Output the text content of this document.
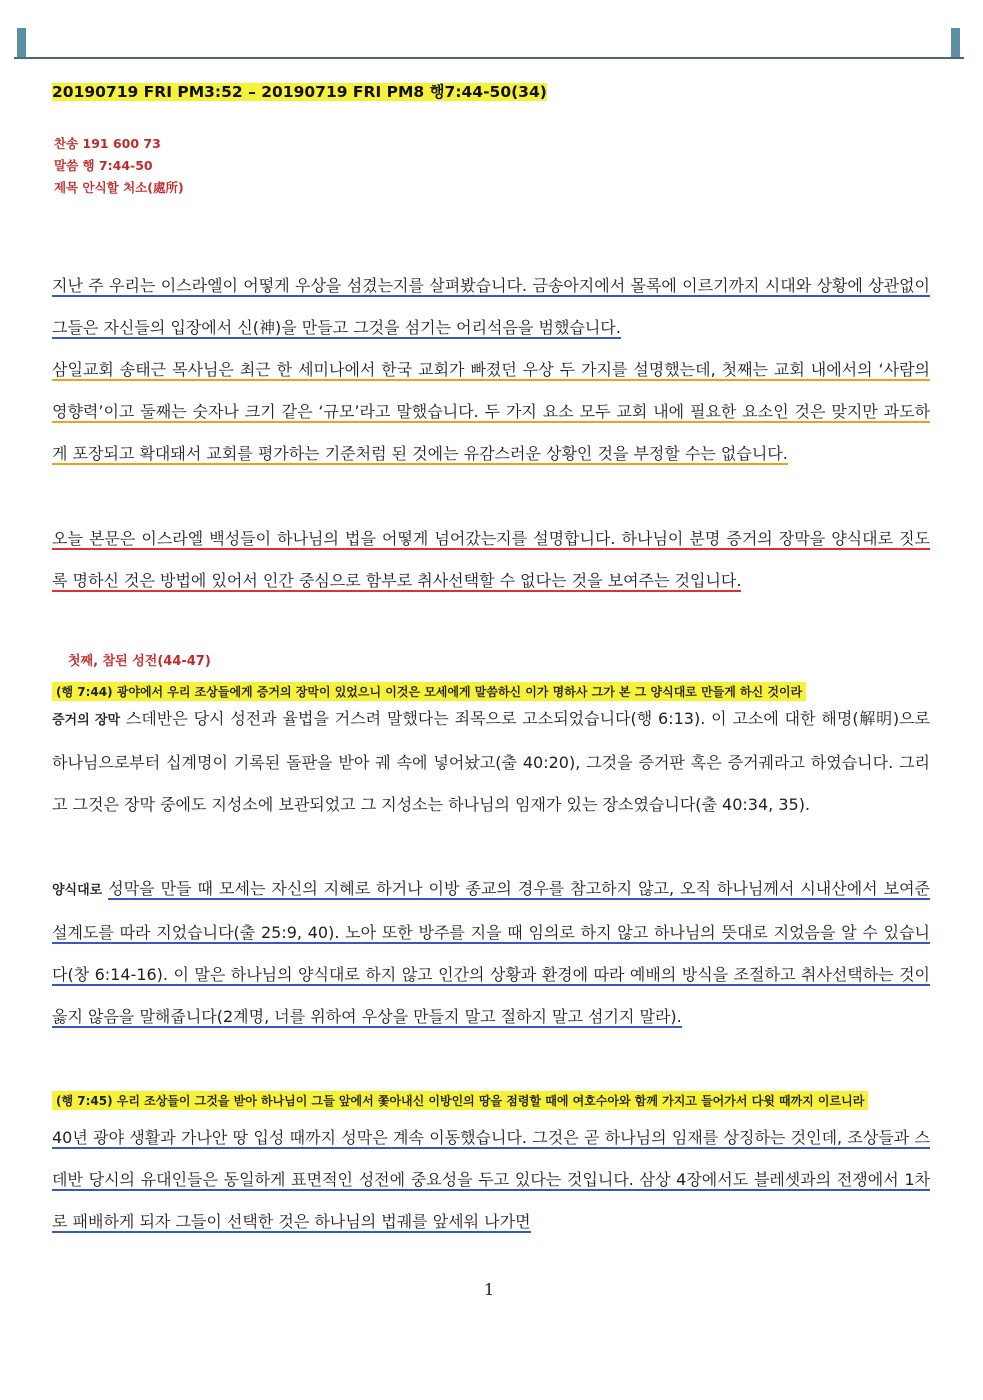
20190719 FRI PM3:52 – 20190719 FRI PM8 행7:44-50(34)
찬송 191 600 73
말씀 행 7:44-50
제목 안식할 처소(處所)
지난 주 우리는 이스라엘이 어떻게 우상을 섬겼는지를 살펴봤습니다. 금송아지에서 몰록에 이르기까지 시대와 상황에 상관없이 그들은 자신들의 입장에서 신(神)을 만들고 그것을 섬기는 어리석음을 범했습니다.
삼일교회 송태근 목사님은 최근 한 세미나에서 한국 교회가 빠졌던 우상 두 가지를 설명했는데, 첫째는 교회 내에서의 ‘사람의 영향력’이고 둘째는 숫자나 크기 같은 ‘규모’라고 말했습니다. 두 가지 요소 모두 교회 내에 필요한 요소인 것은 맞지만 과도하게 포장되고 확대돼서 교회를 평가하는 기준처럼 된 것에는 유감스러운 상황인 것을 부정할 수는 없습니다.
오늘 본문은 이스라엘 백성들이 하나님의 법을 어떻게 넘어갔는지를 설명합니다. 하나님이 분명 증거의 장막을 양식대로 짓도록 명하신 것은 방법에 있어서 인간 중심으로 함부로 취사선택할 수 없다는 것을 보여주는 것입니다.
첫째, 참된 성전(44-47)
(행 7:44) 광야에서 우리 조상들에게 증거의 장막이 있었으니 이것은 모세에게 말씀하신 이가 명하사 그가 본 그 양식대로 만들게 하신 것이라
증거의 장막 스데반은 당시 성전과 율법을 거스려 말했다는 죄목으로 고소되었습니다(행 6:13). 이 고소에 대한 해명(解明)으로 하나님으로부터 십계명이 기록된 돌판을 받아 궤 속에 넣어놨고(출 40:20), 그것을 증거판 혹은 증거궤라고 하였습니다. 그리고 그것은 장막 중에도 지성소에 보관되었고 그 지성소는 하나님의 임재가 있는 장소였습니다(출 40:34, 35).
양식대로 성막을 만들 때 모세는 자신의 지혜로 하거나 이방 종교의 경우를 참고하지 않고, 오직 하나님께서 시내산에서 보여준 설계도를 따라 지었습니다(출 25:9, 40). 노아 또한 방주를 지을 때 임의로 하지 않고 하나님의 뜻대로 지었음을 알 수 있습니다(창 6:14-16). 이 말은 하나님의 양식대로 하지 않고 인간의 상황과 환경에 따라 예배의 방식을 조절하고 취사선택하는 것이 옳지 않음을 말해줍니다(2계명, 너를 위하여 우상을 만들지 말고 절하지 말고 섬기지 말라).
(행 7:45) 우리 조상들이 그것을 받아 하나님이 그들 앞에서 쫓아내신 이방인의 땅을 점령할 때에 여호수아와 함께 가지고 들어가서 다윗 때까지 이르니라
40년 광야 생활과 가나안 땅 입성 때까지 성막은 계속 이동했습니다. 그것은 곧 하나님의 임재를 상징하는 것인데, 조상들과 스데반 당시의 유대인들은 동일하게 표면적인 성전에 중요성을 두고 있다는 것입니다. 삼상 4장에서도 블레셋과의 전쟁에서 1차로 패배하게 되자 그들이 선택한 것은 하나님의 법궤를 앞세워 나가면
1
